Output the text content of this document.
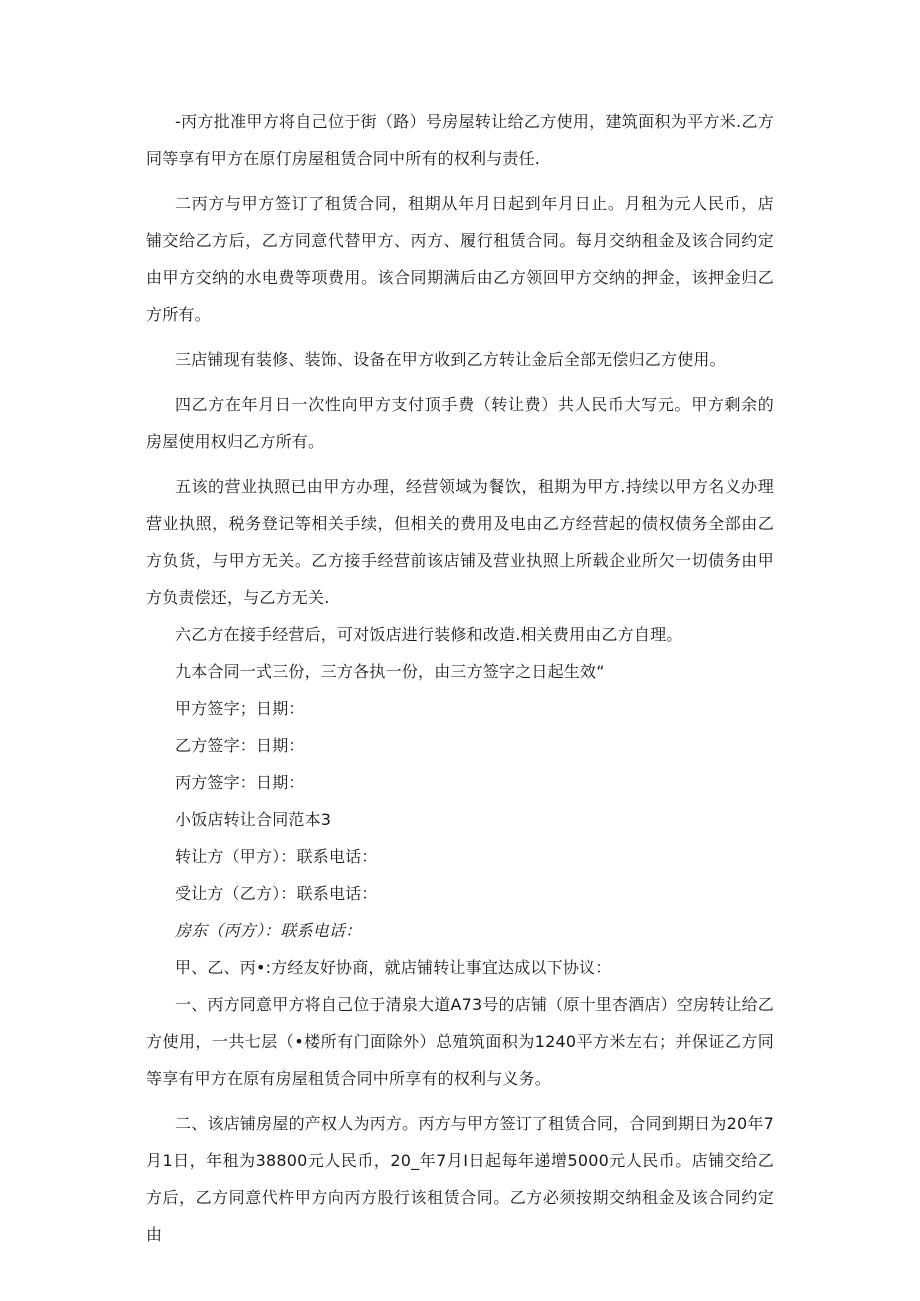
-丙方批准甲方将自己位于街（路）号房屋转让给乙方使用，建筑面积为平方米.乙方同等享有甲方在原仃房屋租赁合同中所有的权利与责任.

二丙方与甲方签订了租赁合同，租期从年月日起到年月日止。月租为元人民币，店铺交给乙方后，乙方同意代替甲方、丙方、履行租赁合同。每月交纳租金及该合同约定由甲方交纳的水电费等项费用。该合同期满后由乙方领回甲方交纳的押金，该押金归乙方所有。

三店铺现有装修、装饰、设备在甲方收到乙方转让金后全部无偿归乙方使用。

四乙方在年月日一次性向甲方支付顶手费（转让费）共人民币大写元。甲方剩余的房屋使用权归乙方所有。

五该的营业执照已由甲方办理，经营领域为餐饮，租期为甲方.持续以甲方名义办理营业执照，税务登记等相关手续，但相关的费用及电由乙方经营起的债权债务全部由乙方负货，与甲方无关。乙方接手经营前该店铺及营业执照上所载企业所欠一切债务由甲方负责偿还，与乙方无关.

六乙方在接手经营后，可对饭店进行装修和改造.相关费用由乙方自理。

九本合同一式三份，三方各执一份，由三方签字之日起生效“

甲方签字；日期：

乙方签字：日期：

丙方签字：日期：

小饭店转让合同范本3

转让方（甲方）：联系电话：

受让方（乙方）：联系电话：

房东（丙方）：联系电话：

甲、乙、丙•:方经友好协商，就店铺转让事宜达成以下协议：

一、丙方同意甲方将自己位于清泉大道A73号的店铺（原十里杏酒店）空房转让给乙方使用，一共七层（•楼所有门面除外）总殖筑面积为1240平方米左右；并保证乙方同等享有甲方在原有房屋租赁合同中所享有的权利与义务。

二、该店铺房屋的产权人为丙方。丙方与甲方签订了租赁合同，合同到期日为20年7月1日，年租为38800元人民币，20_年7月I日起每年递增5000元人民币。店铺交给乙方后，乙方同意代杵甲方向丙方股行该租赁合同。乙方必须按期交纳租金及该合同约定由
